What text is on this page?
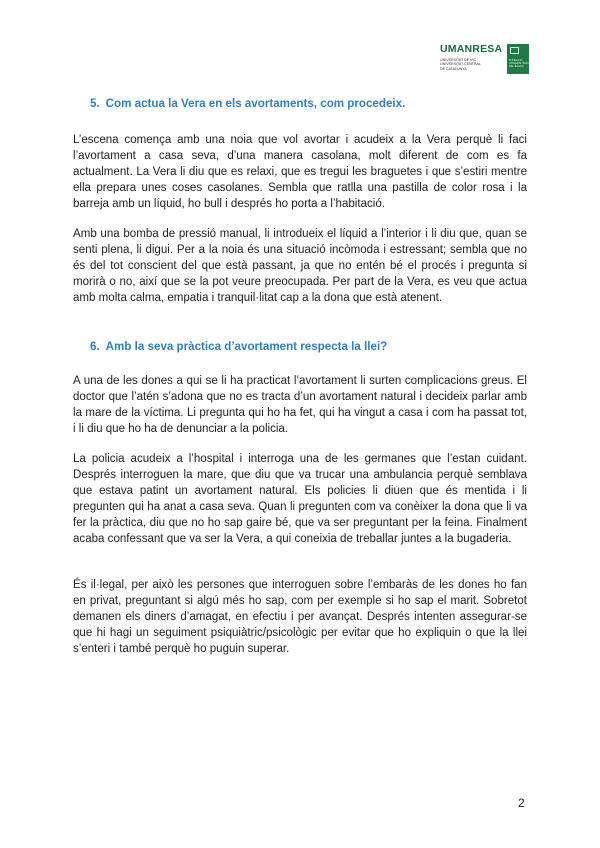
UMANRESA
UNIVERSITAT DE VIC
UNIVERSITAT CENTRAL
DE CATALUNYA
FUNDACIÓ UNIVERSITÀRIA DEL BAGES
5. Com actua la Vera en els avortaments, com procedeix.

L’escena comença amb una noia que vol avortar i acudeix a la Vera perquè li faci l’avortament a casa seva, d’una manera casolana, molt diferent de com es fa actualment. La Vera li diu que es relaxi, que es tregui les braguetes i que s’estiri mentre ella prepara unes coses casolanes. Sembla que ratlla una pastilla de color rosa i la barreja amb un líquid, ho bull i després ho porta a l’habitació.

Amb una bomba de pressió manual, li introdueix el líquid a l’interior i li diu que, quan se senti plena, li digui. Per a la noia és una situació incòmoda i estressant; sembla que no és del tot conscient del que està passant, ja que no entén bé el procés i pregunta si morirà o no, així que se la pot veure preocupada. Per part de la Vera, es veu que actua amb molta calma, empatia i tranquil·litat cap a la dona que està atenent.

6. Amb la seva pràctica d’avortament respecta la llei?

A una de les dones a qui se li ha practicat l’avortament li surten complicacions greus. El doctor que l’atén s’adona que no es tracta d’un avortament natural i decideix parlar amb la mare de la víctima. Li pregunta qui ho ha fet, qui ha vingut a casa i com ha passat tot, i li diu que ho ha de denunciar a la policia.

La policia acudeix a l’hospital i interroga una de les germanes que l’estan cuidant. Després interroguen la mare, que diu que va trucar una ambulancia perquè semblava que estava patint un avortament natural. Els policies li diuen que és mentida i li pregunten qui ha anat a casa seva. Quan li pregunten com va conèixer la dona que li va fer la pràctica, diu que no ho sap gaire bé, que va ser preguntant per la feina. Finalment acaba confessant que va ser la Vera, a qui coneixia de treballar juntes a la bugaderia.

És il·legal, per això les persones que interroguen sobre l’embaràs de les dones ho fan en privat, preguntant si algú més ho sap, com per exemple si ho sap el marit. Sobretot demanen els diners d’amagat, en efectiu i per avançat. Després intenten assegurar-se que hi hagi un seguiment psiquiàtric/psicològic per evitar que ho expliquin o que la llei s’enteri i també perquè ho puguin superar.

2
